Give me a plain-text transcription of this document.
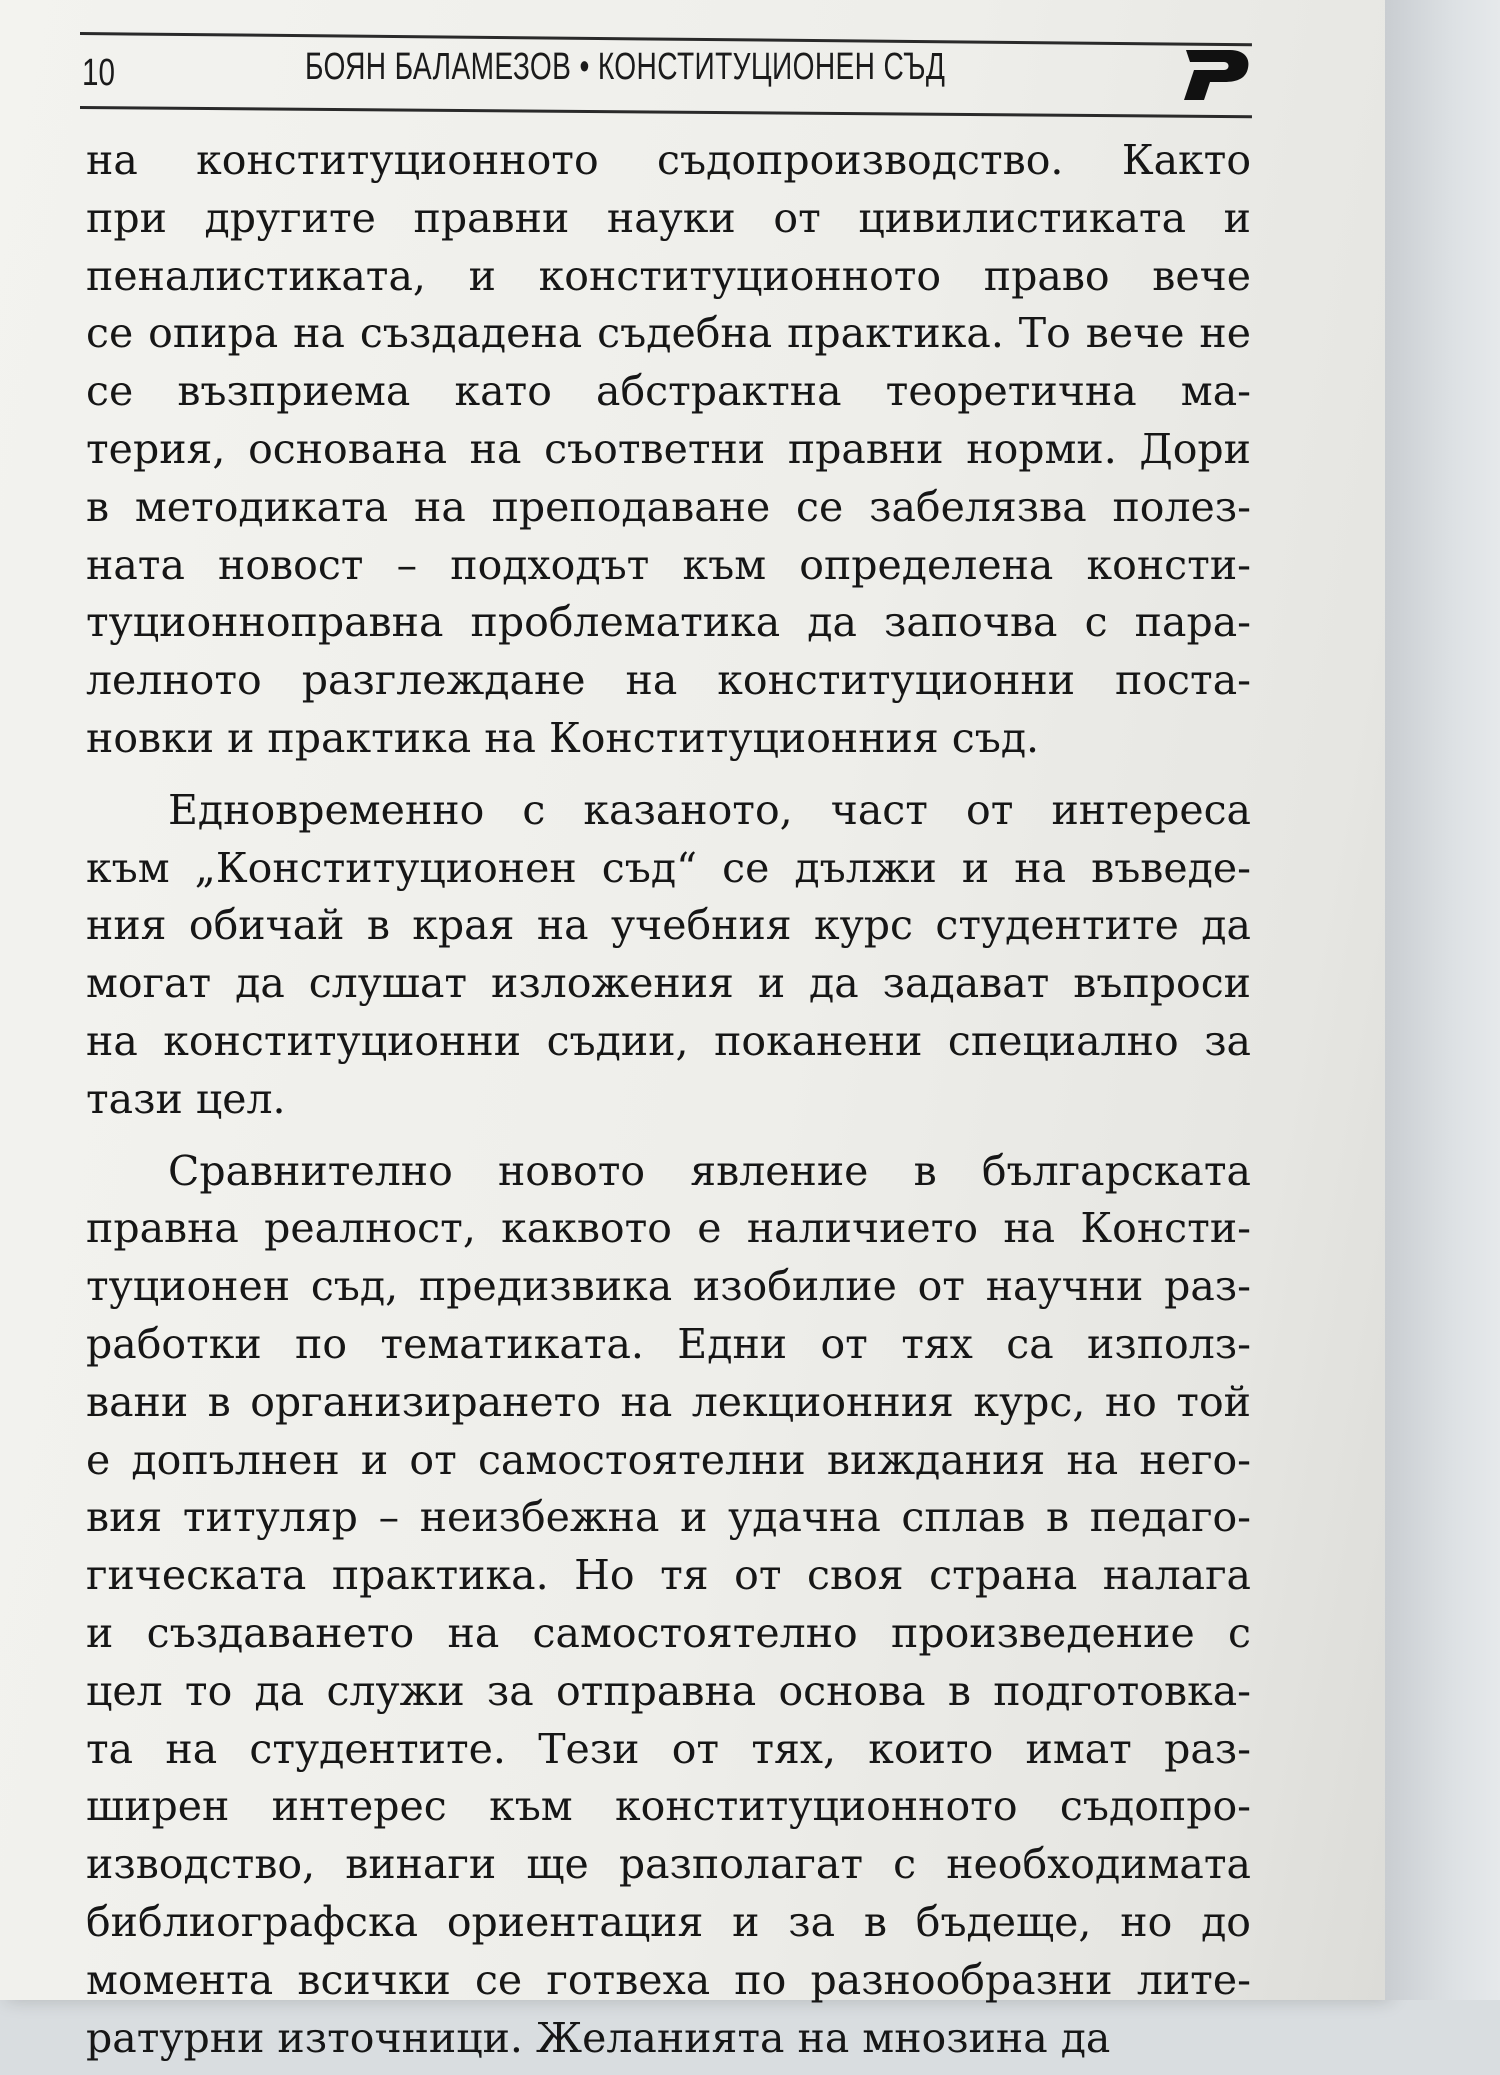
10	БОЯН БАЛАМЕЗОВ • КОНСТИТУЦИОНЕН СЪД
на конституционното съдопроизводство. Както
при другите правни науки от цивилистиката и
пеналистиката, и конституционното право вече
се опира на създадена съдебна практика. То вече не
се възприема като абстрактна теоретична ма-
терия, основана на съответни правни норми. Дори
в методиката на преподаване се забелязва полез-
ната новост – подходът към определена консти-
туционноправна проблематика да започва с пара-
лелното разглеждане на конституционни поста-
новки и практика на Конституционния съд.
Едновременно с казаното, част от интереса
към „Конституционен съд“ се дължи и на въведе-
ния обичай в края на учебния курс студентите да
могат да слушат изложения и да задават въпроси
на конституционни съдии, поканени специално за
тази цел.
Сравнително новото явление в българската
правна реалност, каквото е наличието на Консти-
туционен съд, предизвика изобилие от научни раз-
работки по тематиката. Едни от тях са използ-
вани в организирането на лекционния курс, но той
е допълнен и от самостоятелни виждания на него-
вия титуляр – неизбежна и удачна сплав в педаго-
гическата практика. Но тя от своя страна налага
и създаването на самостоятелно произведение с
цел то да служи за отправна основа в подготовка-
та на студентите. Тези от тях, които имат раз-
ширен интерес към конституционното съдопро-
изводство, винаги ще разполагат с необходимата
библиографска ориентация и за в бъдеще, но до
момента всички се готвеха по разнообразни лите-
ратурни източници. Желанията на мнозина да
